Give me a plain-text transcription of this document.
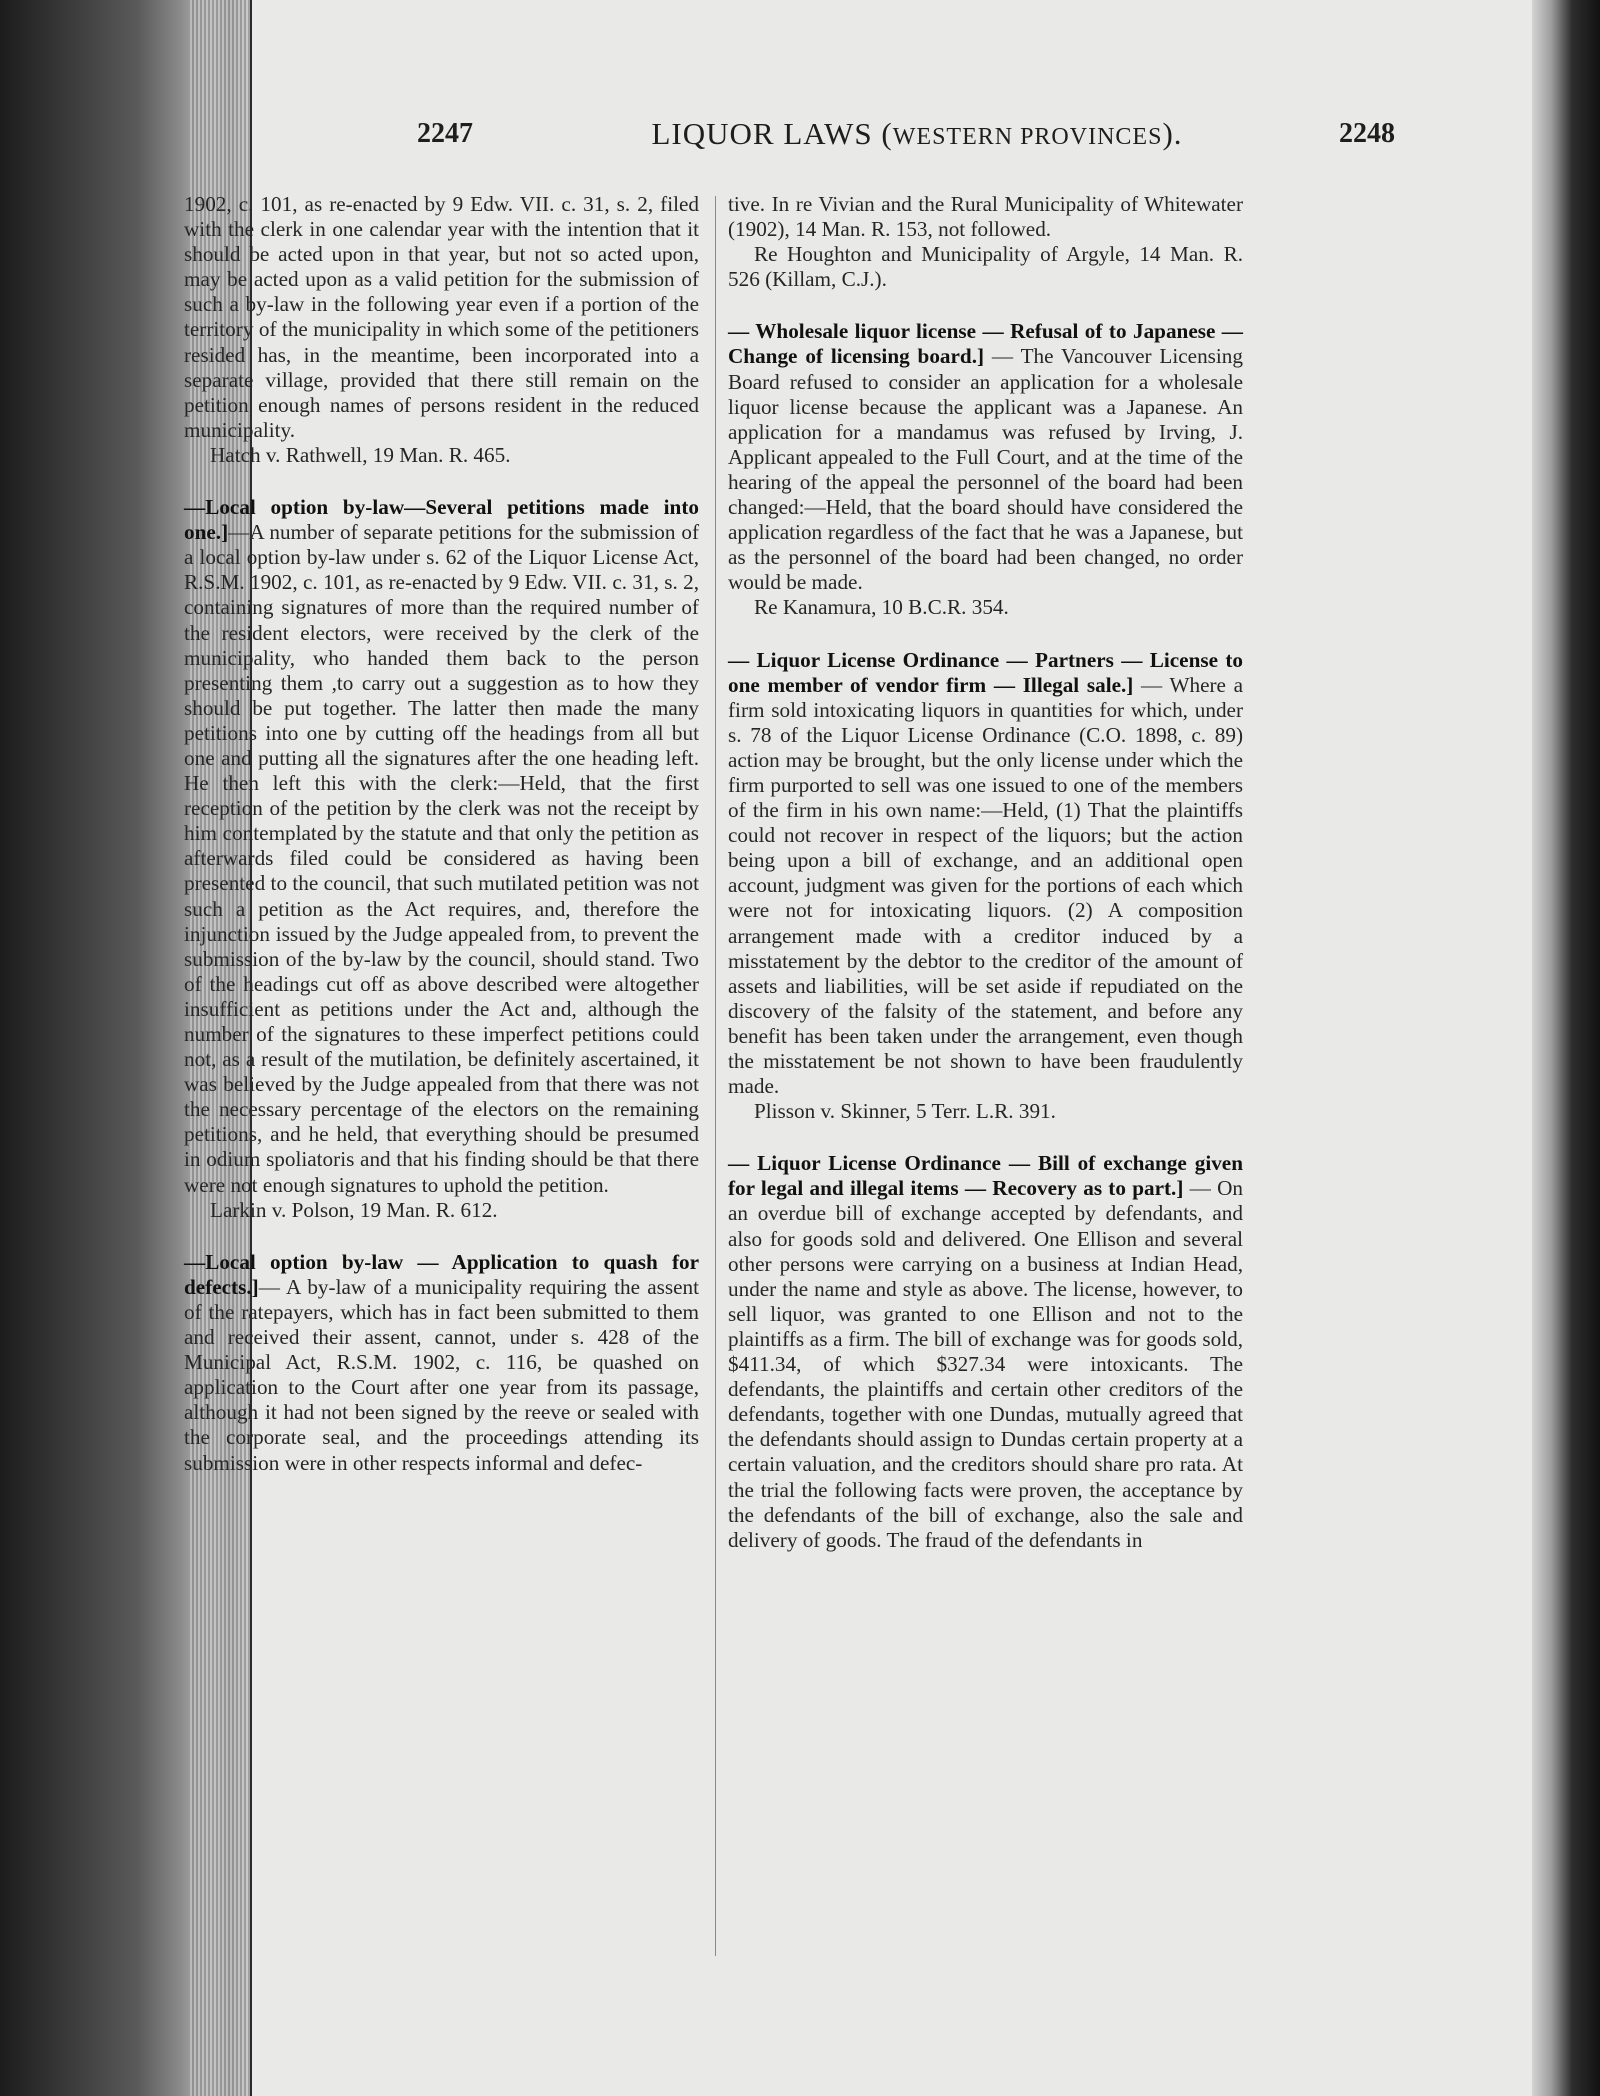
2247	LIQUOR LAWS (WESTERN PROVINCES).	2248

1902, c. 101, as re-enacted by 9 Edw. VII. c. 31, s. 2, filed with the clerk in one calendar year with the intention that it should be acted upon in that year, but not so acted upon, may be acted upon as a valid petition for the submission of such a by-law in the following year even if a portion of the territory of the municipality in which some of the petitioners resided has, in the meantime, been incorporated into a separate village, provided that there still remain on the petition enough names of persons resident in the reduced municipality.

Hatch v. Rathwell, 19 Man. R. 465.

—Local option by-law—Several petitions made into one.]—A number of separate petitions for the submission of a local option by-law under s. 62 of the Liquor License Act, R.S.M. 1902, c. 101, as re-enacted by 9 Edw. VII. c. 31, s. 2, containing signatures of more than the required number of the resident electors, were received by the clerk of the municipality, who handed them back to the person presenting them ,to carry out a suggestion as to how they should be put together. The latter then made the many petitions into one by cutting off the headings from all but one and putting all the signatures after the one heading left. He then left this with the clerk:—Held, that the first reception of the petition by the clerk was not the receipt by him contemplated by the statute and that only the petition as afterwards filed could be considered as having been presented to the council, that such mutilated petition was not such a petition as the Act requires, and, therefore the injunction issued by the Judge appealed from, to prevent the submission of the by-law by the council, should stand. Two of the headings cut off as above described were altogether insufficient as petitions under the Act and, although the number of the signatures to these imperfect petitions could not, as a result of the mutilation, be definitely ascertained, it was believed by the Judge appealed from that there was not the necessary percentage of the electors on the remaining petitions, and he held, that everything should be presumed in odium spoliatoris and that his finding should be that there were not enough signatures to uphold the petition.

Larkin v. Polson, 19 Man. R. 612.

—Local option by-law — Application to quash for defects.]— A by-law of a municipality requiring the assent of the ratepayers, which has in fact been submitted to them and received their assent, cannot, under s. 428 of the Municipal Act, R.S.M. 1902, c. 116, be quashed on application to the Court after one year from its passage, although it had not been signed by the reeve or sealed with the corporate seal, and the proceedings attending its submission were in other respects informal and defec-

tive. In re Vivian and the Rural Municipality of Whitewater (1902), 14 Man. R. 153, not followed.

Re Houghton and Municipality of Argyle, 14 Man. R. 526 (Killam, C.J.).

— Wholesale liquor license — Refusal of to Japanese — Change of licensing board.] — The Vancouver Licensing Board refused to consider an application for a wholesale liquor license because the applicant was a Japanese. An application for a mandamus was refused by Irving, J. Applicant appealed to the Full Court, and at the time of the hearing of the appeal the personnel of the board had been changed:—Held, that the board should have considered the application regardless of the fact that he was a Japanese, but as the personnel of the board had been changed, no order would be made.

Re Kanamura, 10 B.C.R. 354.

— Liquor License Ordinance — Partners — License to one member of vendor firm — Illegal sale.] — Where a firm sold intoxicating liquors in quantities for which, under s. 78 of the Liquor License Ordinance (C.O. 1898, c. 89) action may be brought, but the only license under which the firm purported to sell was one issued to one of the members of the firm in his own name:—Held, (1) That the plaintiffs could not recover in respect of the liquors; but the action being upon a bill of exchange, and an additional open account, judgment was given for the portions of each which were not for intoxicating liquors. (2) A composition arrangement made with a creditor induced by a misstatement by the debtor to the creditor of the amount of assets and liabilities, will be set aside if repudiated on the discovery of the falsity of the statement, and before any benefit has been taken under the arrangement, even though the misstatement be not shown to have been fraudulently made.

Plisson v. Skinner, 5 Terr. L.R. 391.

— Liquor License Ordinance — Bill of exchange given for legal and illegal items — Recovery as to part.] — On an overdue bill of exchange accepted by defendants, and also for goods sold and delivered. One Ellison and several other persons were carrying on a business at Indian Head, under the name and style as above. The license, however, to sell liquor, was granted to one Ellison and not to the plaintiffs as a firm. The bill of exchange was for goods sold, $411.34, of which $327.34 were intoxicants. The defendants, the plaintiffs and certain other creditors of the defendants, together with one Dundas, mutually agreed that the defendants should assign to Dundas certain property at a certain valuation, and the creditors should share pro rata. At the trial the following facts were proven, the acceptance by the defendants of the bill of exchange, also the sale and delivery of goods. The fraud of the defendants in
